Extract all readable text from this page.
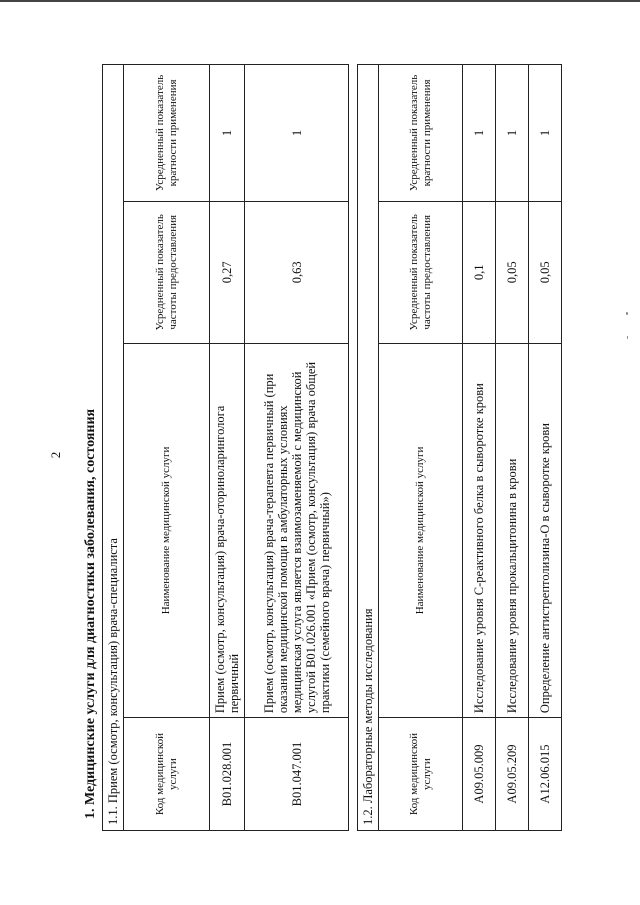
2 1. Медицинские услуги для диагностики заболевания, состояния 1.1. Прием (осмотр, консультация) врача-специалиста			
Код медицинской услуги	Наименование медицинской услуги	Усредненный показатель частоты предоставления	Усредненный показатель кратности применения
B01.028.001	Прием (осмотр, консультация) врача-оториноларинголога первичный	0,27	1
B01.047.001	Прием (осмотр, консультация) врача-терапевта первичный (при оказании медицинской помощи в амбулаторных условиях медицинская услуга является взаимозаменяемой с медицинской услугой B01.026.001 «Прием (осмотр, консультация) врача общей практики (семейного врача) первичный»)	0,63	1
1.2. Лабораторные методы исследования			
Код медицинской услуги	Наименование медицинской услуги	Усредненный показатель частоты предоставления	Усредненный показатель кратности применения
A09.05.009	Исследование уровня С-реактивного белка в сыворотке крови	0,1	1
A09.05.209	Исследование уровня прокальцитонина в крови	0,05	1
A12.06.015	Определение антистрептолизина-О в сыворотке крови	0,05	1
